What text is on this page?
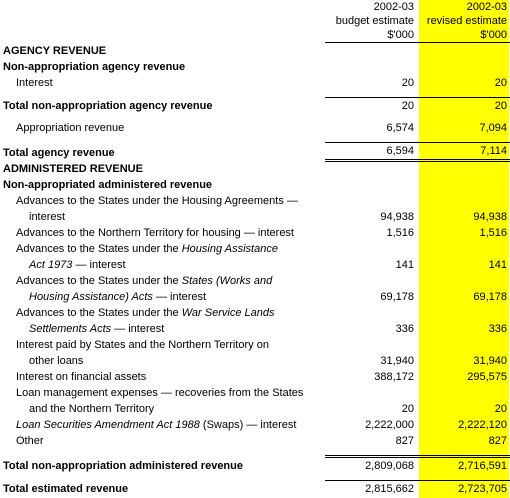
		2002-03	2002-03
		budget estimate	revised estimate
		$'000	$'000
	AGENCY REVENUE		
	Non-appropriation agency revenue		
	Interest	20	20

	Total non-appropriation agency revenue	20	20

	Appropriation revenue	6,574	7,094

	Total agency revenue	6,594	7,114
	ADMINISTERED REVENUE		
	Non-appropriated administered revenue		
	Advances to the States under the Housing Agreements —		
	interest	94,938	94,938
	Advances to the Northern Territory for housing — interest	1,516	1,516
	Advances to the States under the Housing Assistance		
	Act 1973 — interest	141	141
	Advances to the States under the States (Works and		
	Housing Assistance) Acts — interest	69,178	69,178
	Advances to the States under the War Service Lands		
	Settlements Acts — interest	336	336
	Interest paid by States and the Northern Territory on		
	other loans	31,940	31,940
	Interest on financial assets	388,172	295,575
	Loan management expenses — recoveries from the States		
	and the Northern Territory	20	20
	Loan Securities Amendment Act 1988 (Swaps) — interest	2,222,000	2,222,120
	Other	827	827

	Total non-appropriation administered revenue	2,809,068	2,716,591

	Total estimated revenue	2,815,662	2,723,705
